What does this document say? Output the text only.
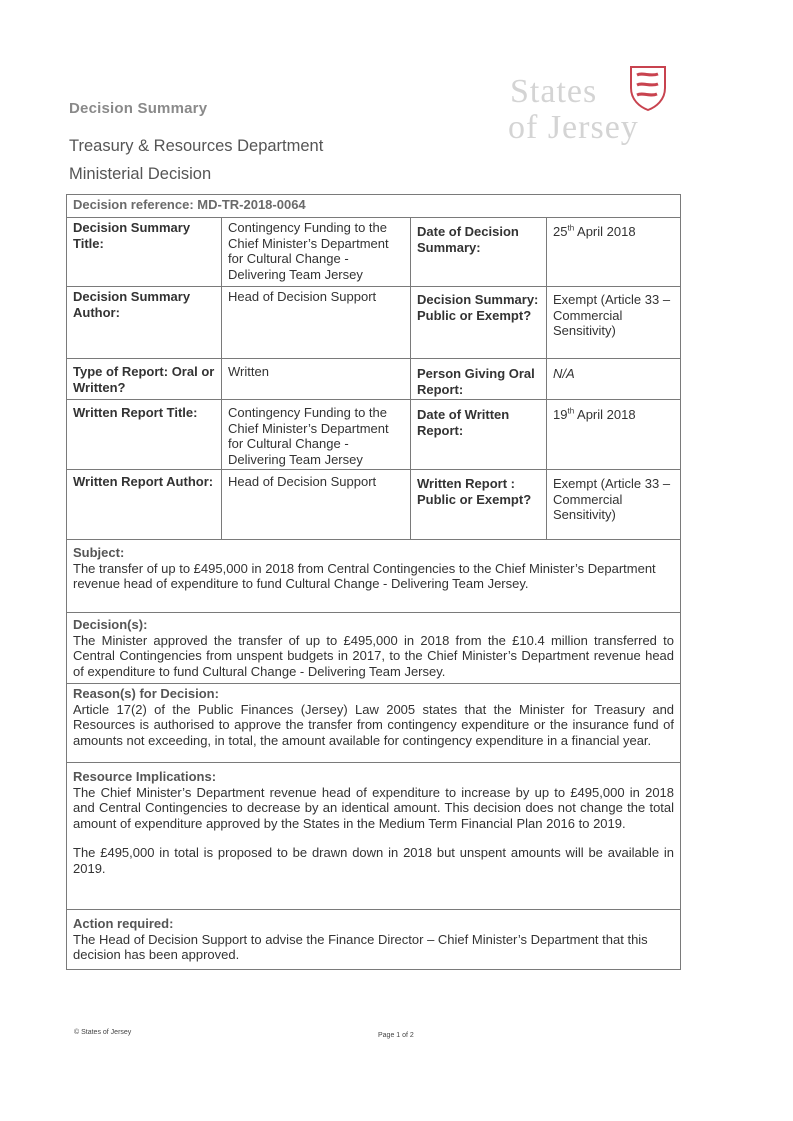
Decision Summary
Treasury & Resources Department
Ministerial Decision
States
of Jersey
Decision reference: MD-TR-2018-0064			
Decision Summary Title:	Contingency Funding to the Chief Minister’s Department for Cultural Change - Delivering Team Jersey	Date of Decision Summary:	25th April 2018
Decision Summary Author:	Head of Decision Support	Decision Summary: Public or Exempt?	Exempt (Article 33 – Commercial Sensitivity)
Type of Report: Oral or Written?	Written	Person Giving Oral Report:	N/A
Written Report Title:	Contingency Funding to the Chief Minister’s Department for Cultural Change - Delivering Team Jersey	Date of Written Report:	19th April 2018
Written Report Author:	Head of Decision Support	Written Report : Public or Exempt?	Exempt (Article 33 – Commercial Sensitivity)

Subject:

The transfer of up to £495,000 in 2018 from Central Contingencies to the Chief Minister’s Department revenue head of expenditure to fund Cultural Change - Delivering Team Jersey.			

Decision(s):

The Minister approved the transfer of up to £495,000 in 2018 from the £10.4 million transferred to Central Contingencies from unspent budgets in 2017, to the Chief Minister’s Department revenue head of expenditure to fund Cultural Change - Delivering Team Jersey.			

Reason(s) for Decision:

Article 17(2) of the Public Finances (Jersey) Law 2005 states that the Minister for Treasury and Resources is authorised to approve the transfer from contingency expenditure or the insurance fund of amounts not exceeding, in total, the amount available for contingency expenditure in a financial year.			

Resource Implications:

The Chief Minister’s Department revenue head of expenditure to increase by up to £495,000 in 2018 and Central Contingencies to decrease by an identical amount. This decision does not change the total amount of expenditure approved by the States in the Medium Term Financial Plan 2016 to 2019.

The £495,000 in total is proposed to be drawn down in 2018 but unspent amounts will be available in 2019.			

Action required:

The Head of Decision Support to advise the Finance Director – Chief Minister’s Department that this decision has been approved.			

© States of Jersey	Page 1 of 2
